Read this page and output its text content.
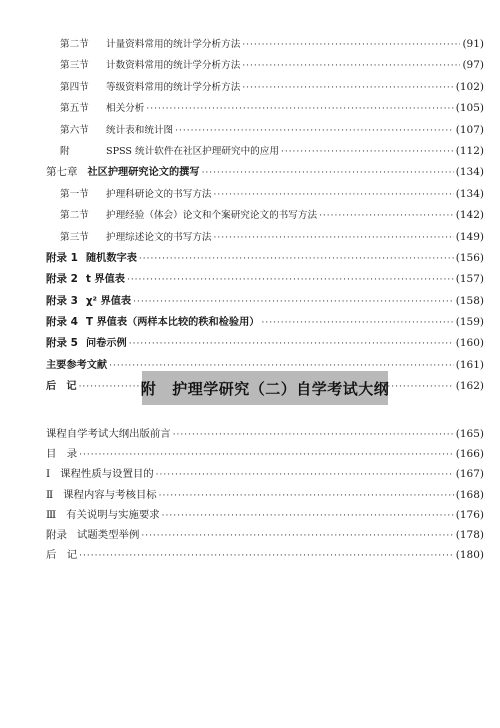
第二节	计量资料常用的统计学分析方法 ·····	(91)
第三节	计数资料常用的统计学分析方法 ·····	(97)
第四节	等级资料常用的统计学分析方法 ·····	(102)
第五节	相关分析 ·····	(105)
第六节	统计表和统计图 ·····	(107)
附	SPSS 统计软件在社区护理研究中的应用 ·····	(112)
第七章 社区护理研究论文的撰写 ·····	(134)
第一节	护理科研论文的书写方法 ·····	(134)
第二节	护理经验（体会）论文和个案研究论文的书写方法 ·····	(142)
第三节	护理综述论文的书写方法 ·····	(149)
附录 1 随机数字表 ·····	(156)
附录 2 t 界值表 ·····	(157)
附录 3 χ² 界值表 ·····	(158)
附录 4 T 界值表（两样本比较的秩和检验用） ·····	(159)
附录 5 问卷示例 ·····	(160)
主要参考文献 ·····	(161)
后　记 ·····	(162)
附 护理学研究（二）自学考试大纲
课程自学考试大纲出版前言 ·····	(165)
目　录 ·····	(166)
Ⅰ 课程性质与设置目的 ·····	(167)
Ⅱ 课程内容与考核目标 ·····	(168)
Ⅲ 有关说明与实施要求 ·····	(176)
附录 试题类型举例 ·····	(178)
后　记 ·····	(180)
